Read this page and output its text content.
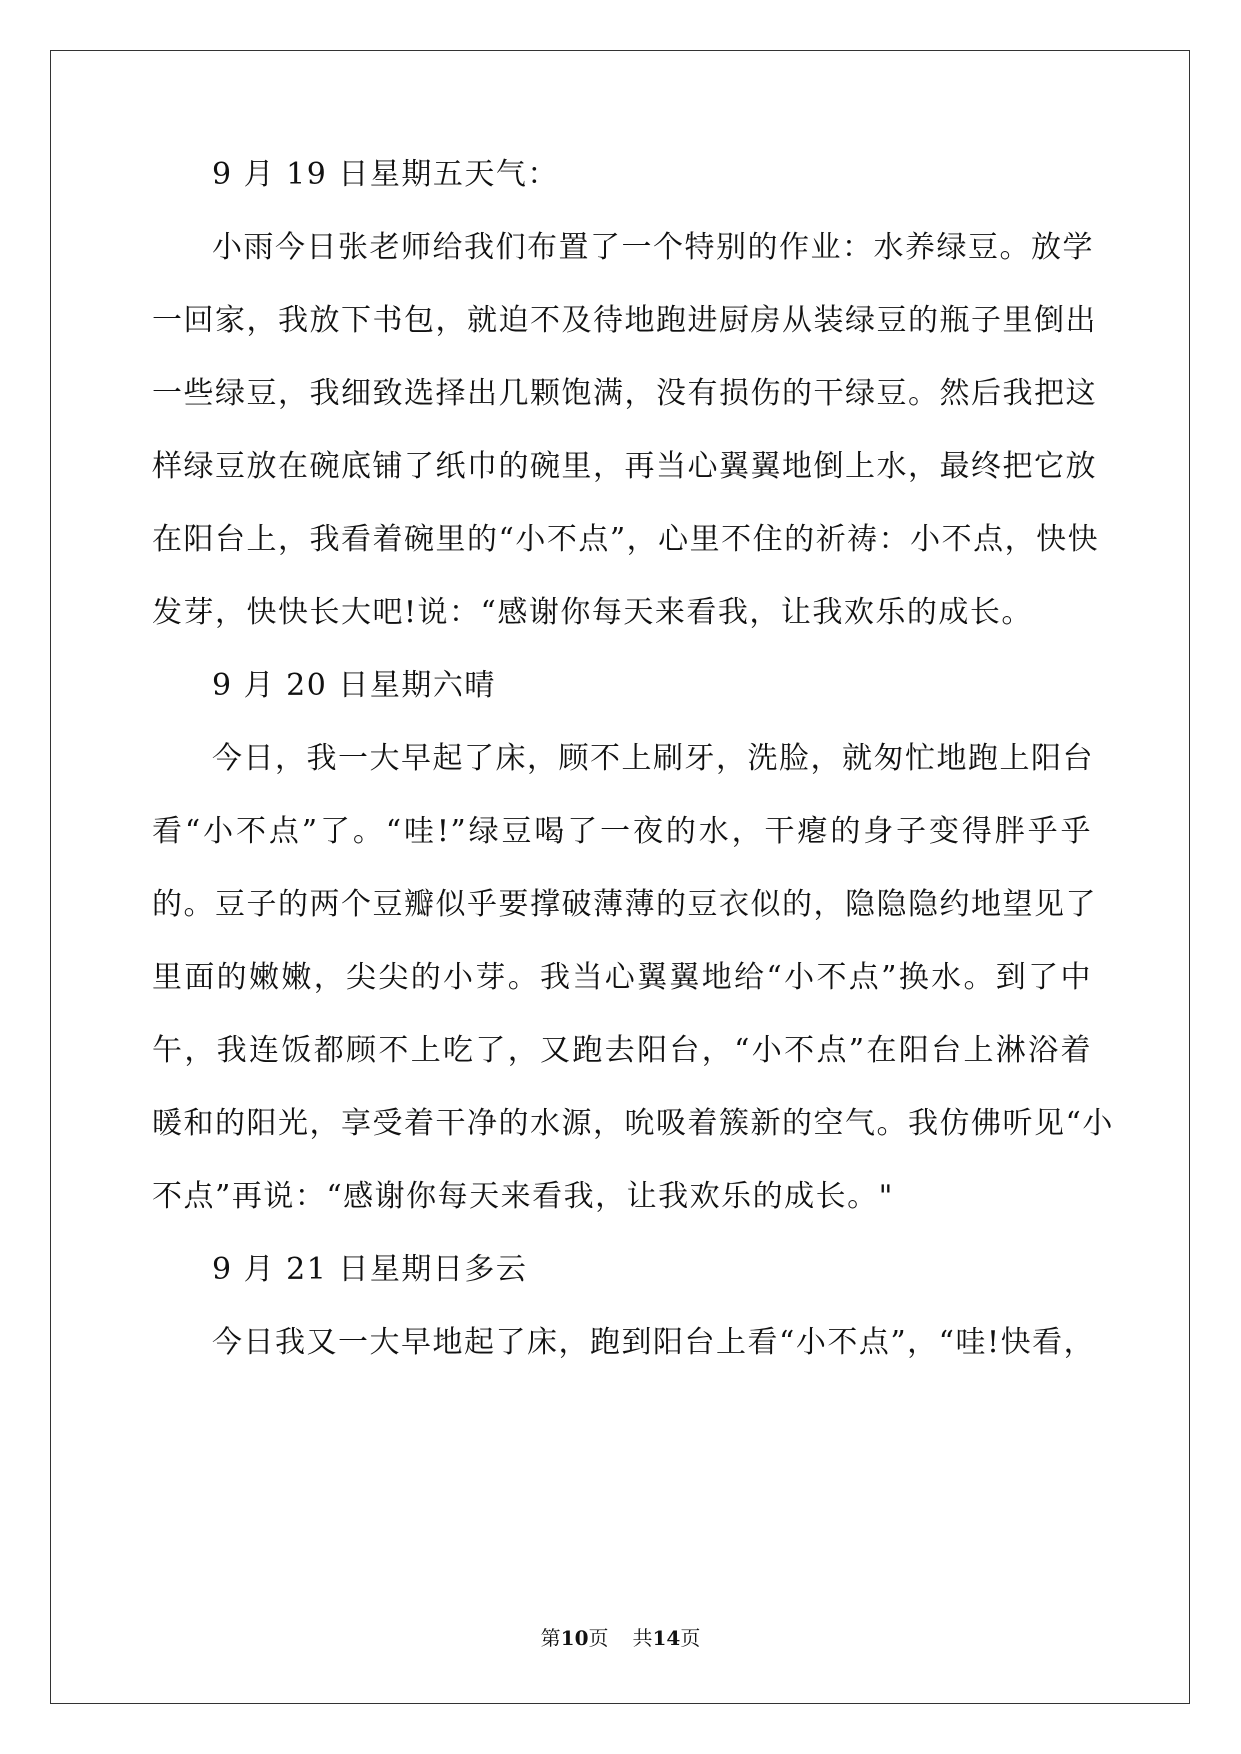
9 月 19 日星期五天气：
小雨今日张老师给我们布置了一个特别的作业：水养绿豆。放学
一回家，我放下书包，就迫不及待地跑进厨房从装绿豆的瓶子里倒出
一些绿豆，我细致选择出几颗饱满，没有损伤的干绿豆。然后我把这
样绿豆放在碗底铺了纸巾的碗里，再当心翼翼地倒上水，最终把它放
在阳台上，我看着碗里的“小不点”，心里不住的祈祷：小不点，快快
发芽，快快长大吧!说：“感谢你每天来看我，让我欢乐的成长。
9 月 20 日星期六晴
今日，我一大早起了床，顾不上刷牙，洗脸，就匆忙地跑上阳台
看“小不点”了。“哇!”绿豆喝了一夜的水，干瘪的身子变得胖乎乎
的。豆子的两个豆瓣似乎要撑破薄薄的豆衣似的，隐隐隐约地望见了
里面的嫩嫩，尖尖的小芽。我当心翼翼地给“小不点”换水。到了中
午，我连饭都顾不上吃了，又跑去阳台，“小不点”在阳台上淋浴着
暖和的阳光，享受着干净的水源，吮吸着簇新的空气。我仿佛听见“小
不点”再说：“感谢你每天来看我，让我欢乐的成长。"
9 月 21 日星期日多云
今日我又一大早地起了床，跑到阳台上看“小不点”，“哇!快看，
第10页 共14页
